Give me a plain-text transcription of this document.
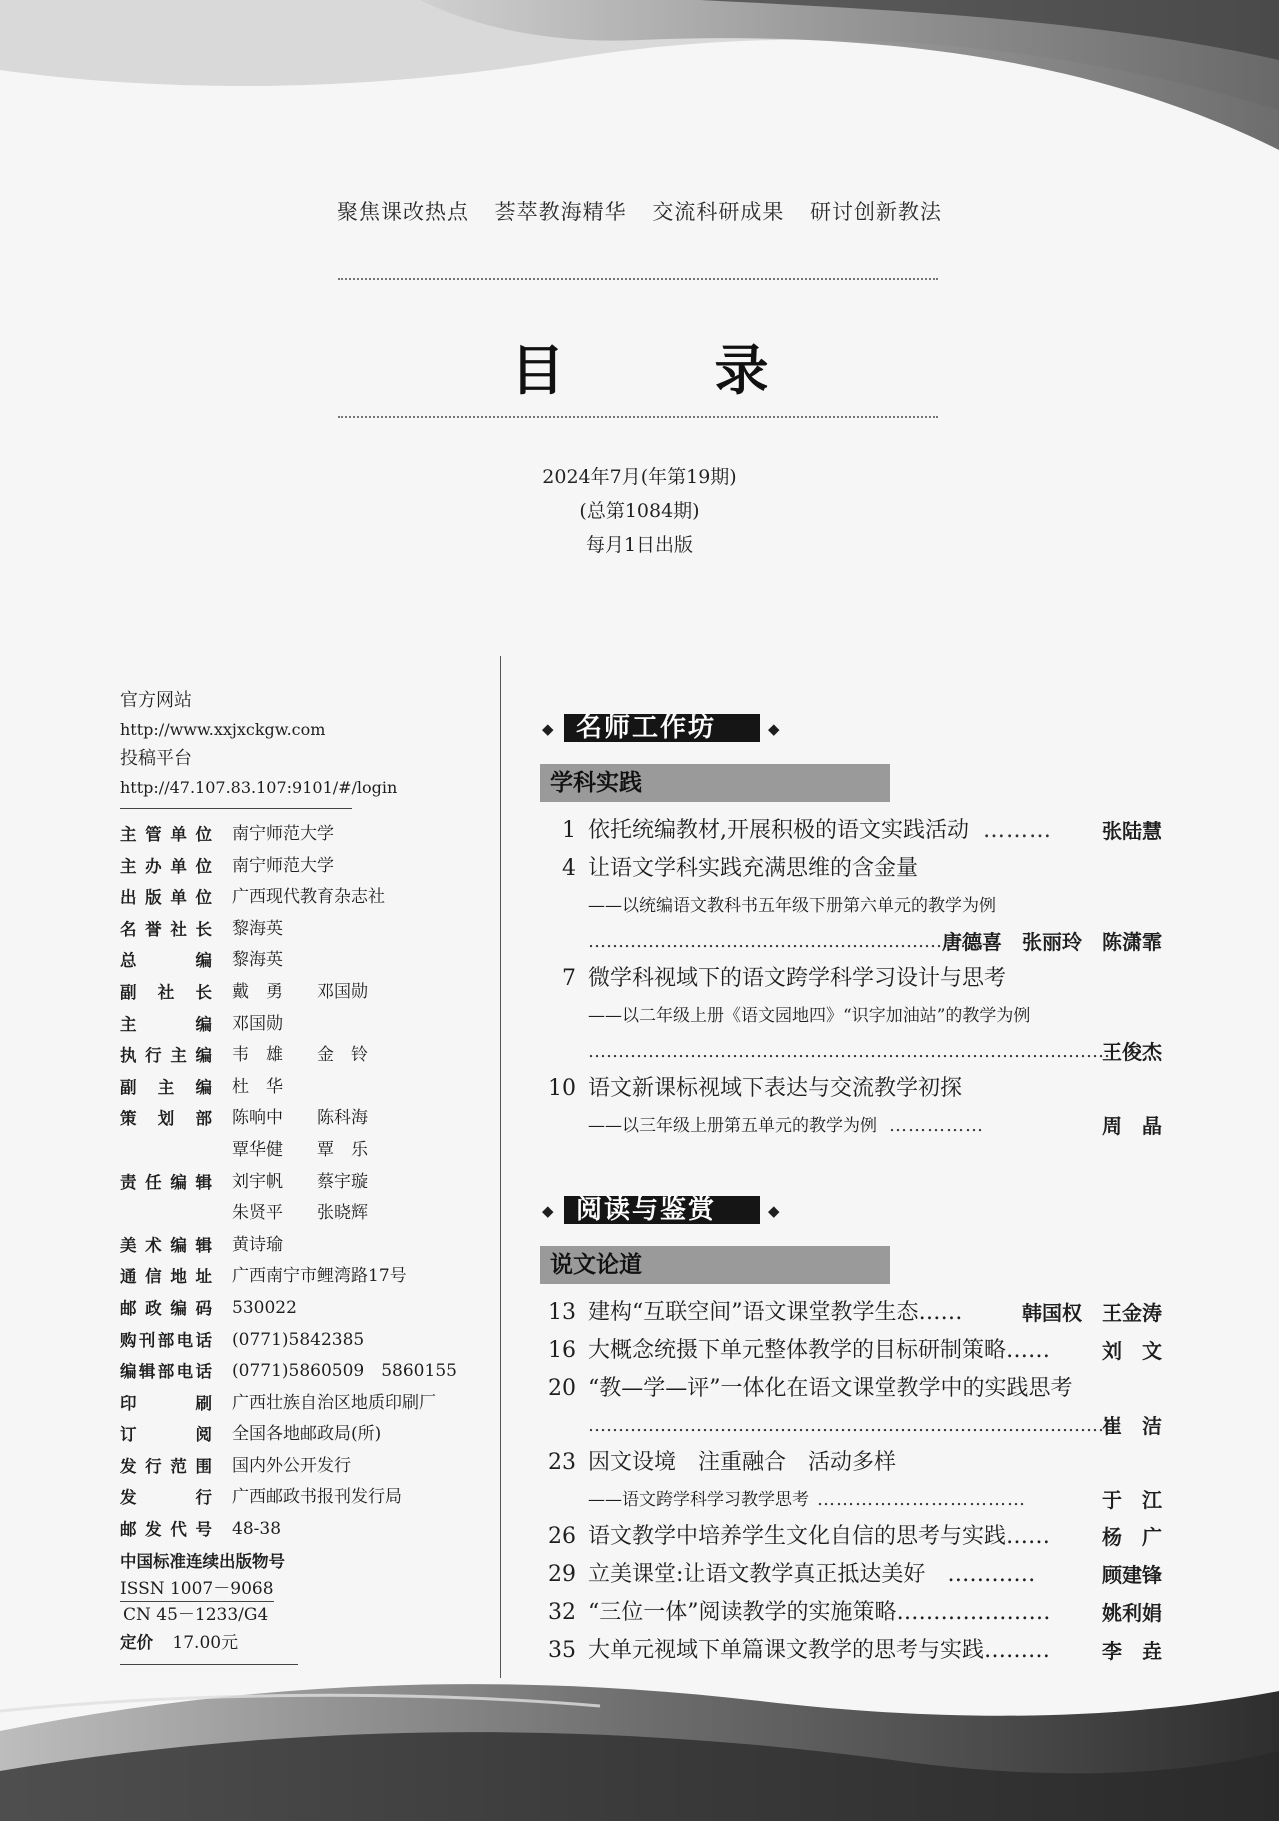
聚焦课改热点 荟萃教海精华 交流科研成果 研讨创新教法
目　录
2024年7月(年第19期)
(总第1084期)
每月1日出版
官方网站
http://www.xxjxckgw.com
投稿平台
http://47.107.83.107:9101/#/login
主管单位 南宁师范大学
主办单位 南宁师范大学
出版单位 广西现代教育杂志社
名誉社长 黎海英
总编 黎海英
副社长 戴　勇　　邓国勋
主编 邓国勋
执行主编 韦　雄　　金　铃
副主编 杜　华
策划部 陈响中　　陈科海
覃华健　　覃　乐
责任编辑 刘宇帆　　蔡宇璇
朱贤平　　张晓辉
美术编辑 黄诗瑜
通信地址 广西南宁市鲤湾路17号
邮政编码 530022
购刊部电话 (0771)5842385
编辑部电话 (0771)5860509　5860155
印刷 广西壮族自治区地质印刷厂
订阅 全国各地邮政局(所)
发行范围 国内外公开发行
发行 广西邮政书报刊发行局
邮发代号 48-38
中国标准连续出版物号
ISSN 1007－9068
CN 45－1233/G4
定价 17.00元
◆ 名师工作坊	◆
学科实践
1 依托统编教材,开展积极的语文实践活动 ………	张陆慧
4 让语文学科实践充满思维的含金量
——以统编语文教科书五年级下册第六单元的教学为例
…………………………………………………………
唐德喜　张丽玲　陈潇霏
7 微学科视域下的语文跨学科学习设计与思考
——以二年级上册《语文园地四》“识字加油站”的教学为例
……………………………………………………………………………
王俊杰
10 语文新课标视域下表达与交流教学初探
——以三年级上册第五单元的教学为例 ……………	周　晶
◆ 阅读与鉴赏	◆
说文论道
13 建构“互联空间”语文课堂教学生态……	韩国权　王金涛
16 大概念统摄下单元整体教学的目标研制策略……	刘　文
20 “教—学—评”一体化在语文课堂教学中的实践思考
……………………………………………………………………………
崔　洁
23 因文设境　注重融合　活动多样
——语文跨学科学习教学思考 ……………………………	于　江
26 语文教学中培养学生文化自信的思考与实践……	杨　广
29 立美课堂:让语文教学真正抵达美好　…………	顾建锋
32 “三位一体”阅读教学的实施策略…………………	姚利娟
35 大单元视域下单篇课文教学的思考与实践………	李　垚
